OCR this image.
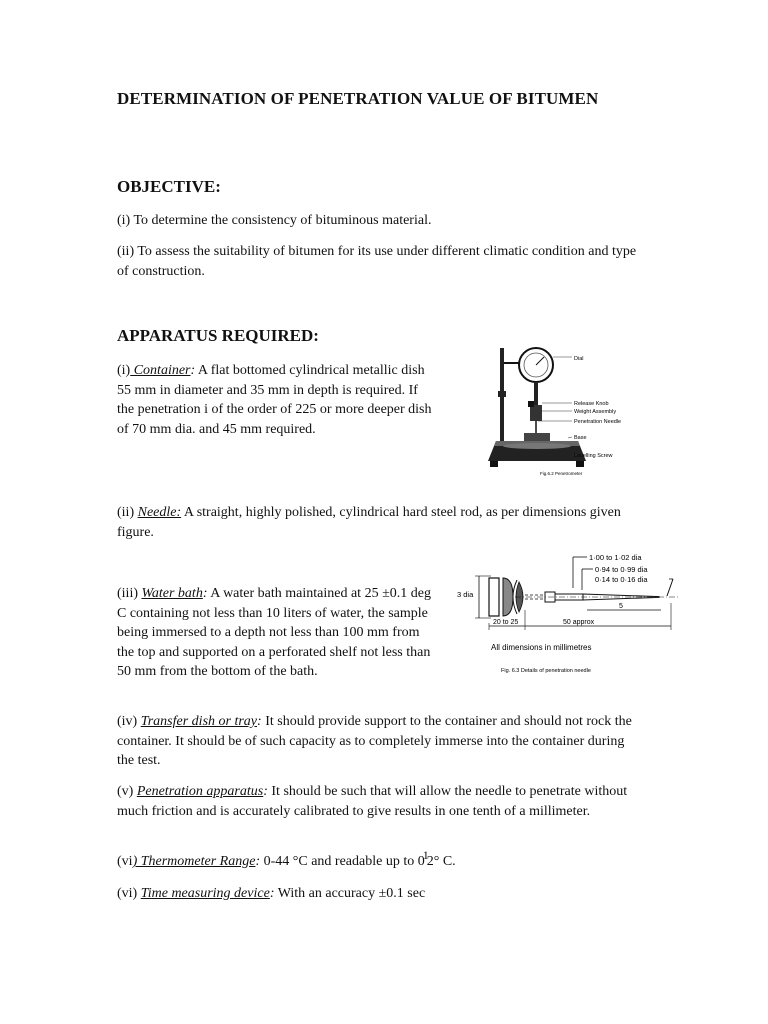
DETERMINATION OF PENETRATION VALUE OF BITUMEN
OBJECTIVE:
(i) To determine the consistency of bituminous material.
(ii) To assess the suitability of bitumen for its use under different climatic condition and type of construction.
APPARATUS REQUIRED:
(i) Container: A flat bottomed cylindrical metallic dish 55 mm in diameter and 35 mm in depth is required. If the penetration i of the order of 225 or more deeper dish of 70 mm dia. and 45 mm required.
Dial
Release Knob
Weight Assembly
Penetration Needle
Base
Levelling Screw
Fig.6.2 Penetrometer
(ii) Needle: A straight, highly polished, cylindrical hard steel rod, as per dimensions given figure.
1·00 to 1·02 dia
0·94 to 0·99 dia
0·14 to 0·16 dia
3 dia
20 to 25	50 approx
5
All dimensions in millimetres
Fig. 6.3 Details of penetration needle
(iii) Water bath: A water bath maintained at 25 ±0.1 deg C containing not less than 10 liters of water, the sample being immersed to a depth not less than 100 mm from the top and supported on a perforated shelf not less than 50 mm from the bottom of the bath.
(iv) Transfer dish or tray: It should provide support to the container and should not rock the container. It should be of such capacity as to completely immerse into the container during the test.
(v) Penetration apparatus: It should be such that will allow the needle to penetrate without much friction and is accurately calibrated to give results in one tenth of a millimeter.
(vi) Thermometer Range: 0-44 °C and readable up to 012° C.
(vi) Time measuring device: With an accuracy ±0.1 sec
